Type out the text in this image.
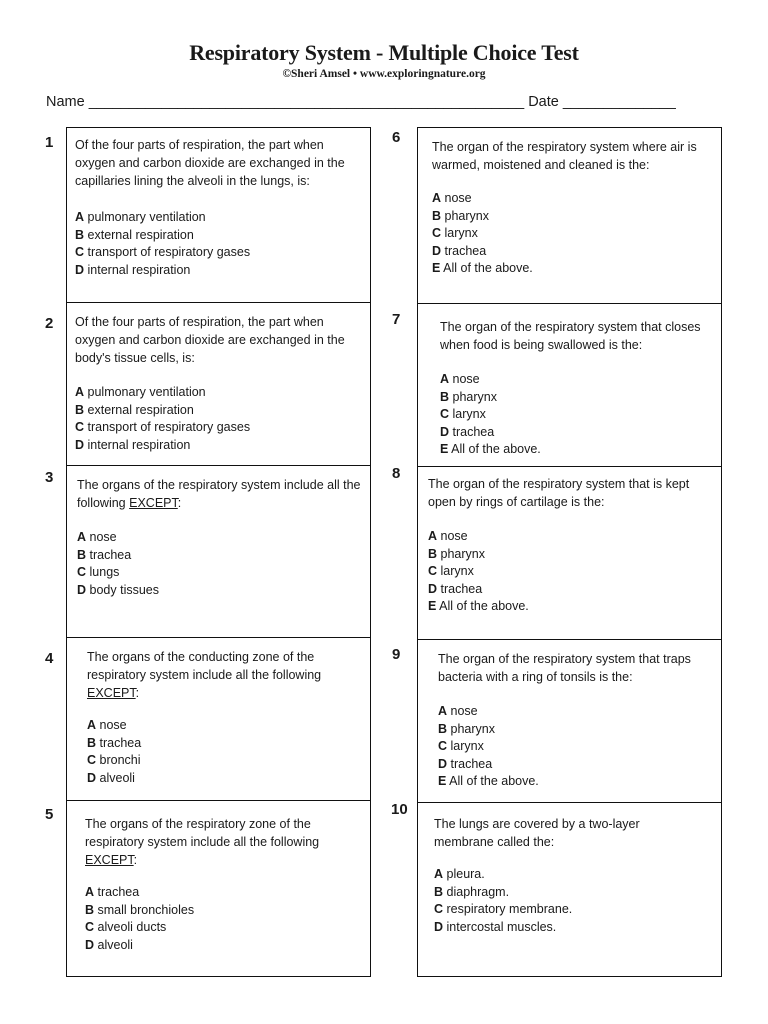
Respiratory System - Multiple Choice Test
©Sheri Amsel • www.exploringnature.org
Name ______________________________________________________ Date ______________
Of the four parts of respiration, the part when oxygen and carbon dioxide are exchanged in the capillaries lining the alveoli in the lungs, is:
A pulmonary ventilation
B external respiration
C transport of respiratory gases
D internal respiration
Of the four parts of respiration, the part when oxygen and carbon dioxide are exchanged in the body's tissue cells, is:
A pulmonary ventilation
B external respiration
C transport of respiratory gases
D internal respiration
The organs of the respiratory system include all the following EXCEPT:
A nose
B trachea
C lungs
D body tissues
The organs of the conducting zone of the respiratory system include all the following EXCEPT:
A nose
B trachea
C bronchi
D alveoli
The organs of the respiratory zone of the respiratory system include all the following EXCEPT:
A trachea
B small bronchioles
C alveoli ducts
D alveoli
The organ of the respiratory system where air is warmed, moistened and cleaned is the:
A nose
B pharynx
C larynx
D trachea
E All of the above.
The organ of the respiratory system that closes when food is being swallowed is the:
A nose
B pharynx
C larynx
D trachea
E All of the above.
The organ of the respiratory system that is kept open by rings of cartilage is the:
A nose
B pharynx
C larynx
D trachea
E All of the above.
The organ of the respiratory system that traps bacteria with a ring of tonsils is the:
A nose
B pharynx
C larynx
D trachea
E All of the above.
The lungs are covered by a two-layer membrane called the:
A pleura.
B diaphragm.
C respiratory membrane.
D intercostal muscles.
1
2
3
4
5
6
7
8
9
10
